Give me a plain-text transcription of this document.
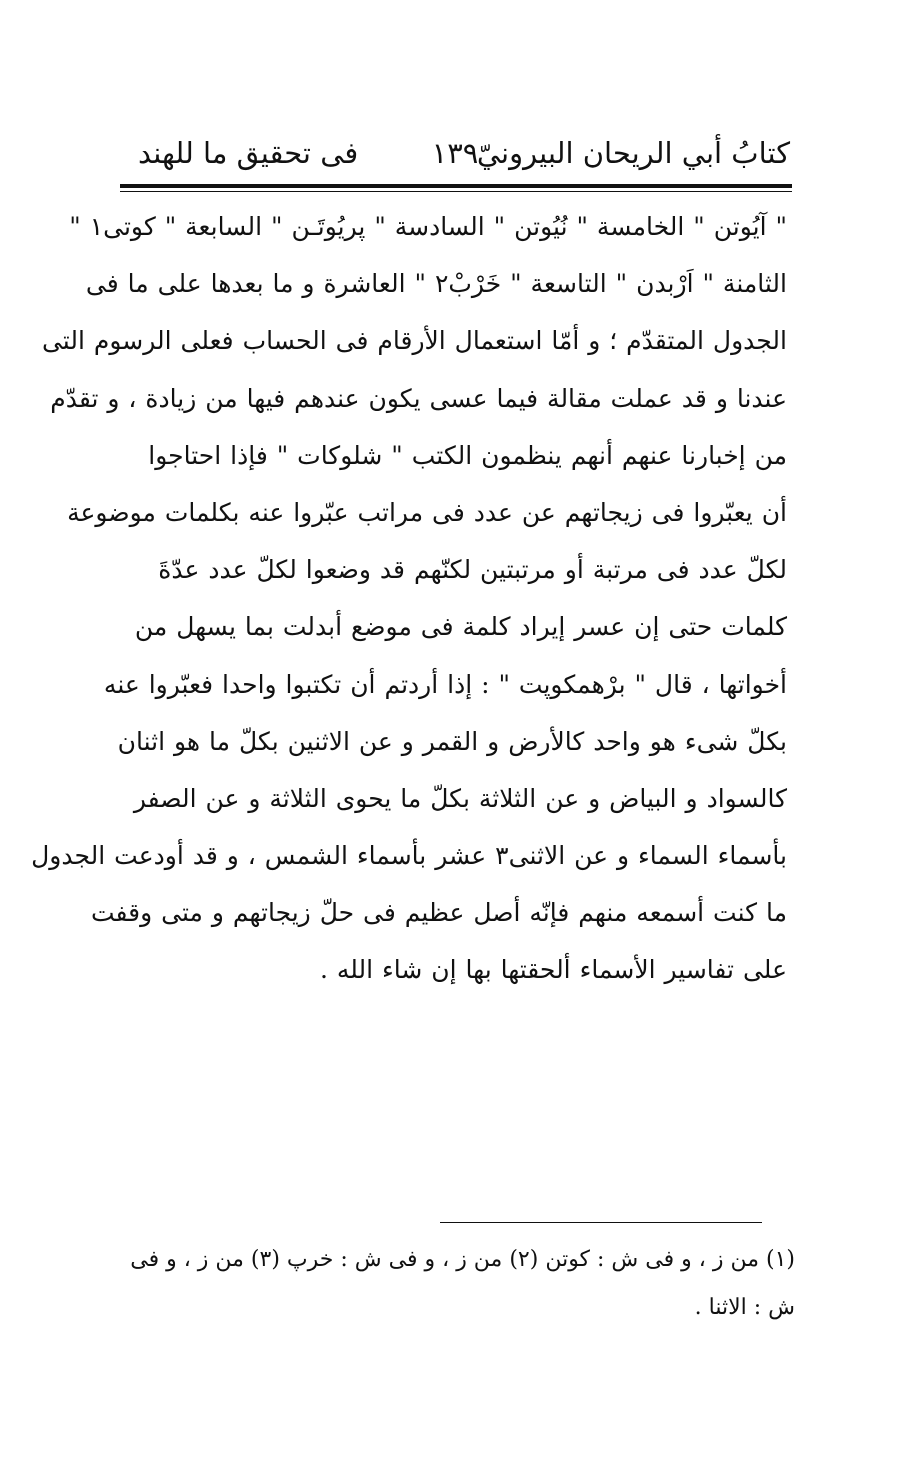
كتابُ أبي الريحان البيرونيّ
١٣٩
فى تحقيق ما للهند
" آيُوتن " الخامسة " نُيُوتن " السادسة " پريُوتَـن " السابعة " كوتى١ "
الثامنة " اَرْبدن " التاسعة " خَرْبْ٢ " العاشرة و ما بعدها على ما فى
الجدول المتقدّم ؛ و أمّا استعمال الأرقام فى الحساب فعلى الرسوم التى
عندنا و قد عملت مقالة فيما عسى يكون عندهم فيها من زيادة ، و تقدّم
من إخبارنا عنهم أنهم ينظمون الكتب " شلوكات " فإذا احتاجوا
أن يعبّروا فى زيجاتهم عن عدد فى مراتب عبّروا عنه بكلمات موضوعة
لكلّ عدد فى مرتبة أو مرتبتين لكنّهم قد وضعوا لكلّ عدد عدّةَ
كلمات حتى إن عسر إيراد كلمة فى موضع أبدلت بما يسهل من
أخواتها ، قال " برْهمكوپت " : إذا أردتم أن تكتبوا واحدا فعبّروا عنه
بكلّ شىء هو واحد كالأرض و القمر و عن الاثنين بكلّ ما هو اثنان
كالسواد و البياض و عن الثلاثة بكلّ ما يحوى الثلاثة و عن الصفر
بأسماء السماء و عن الاثنى٣ عشر بأسماء الشمس ، و قد أودعت الجدول
ما كنت أسمعه منهم فإنّه أصل عظيم فى حلّ زيجاتهم و متى وقفت
على تفاسير الأسماء ألحقتها بها إن شاء الله .
(١) من ز ، و فى ش : كوتن (٢) من ز ، و فى ش : خرپ (٣) من ز ، و فى
ش : الاثنا .
